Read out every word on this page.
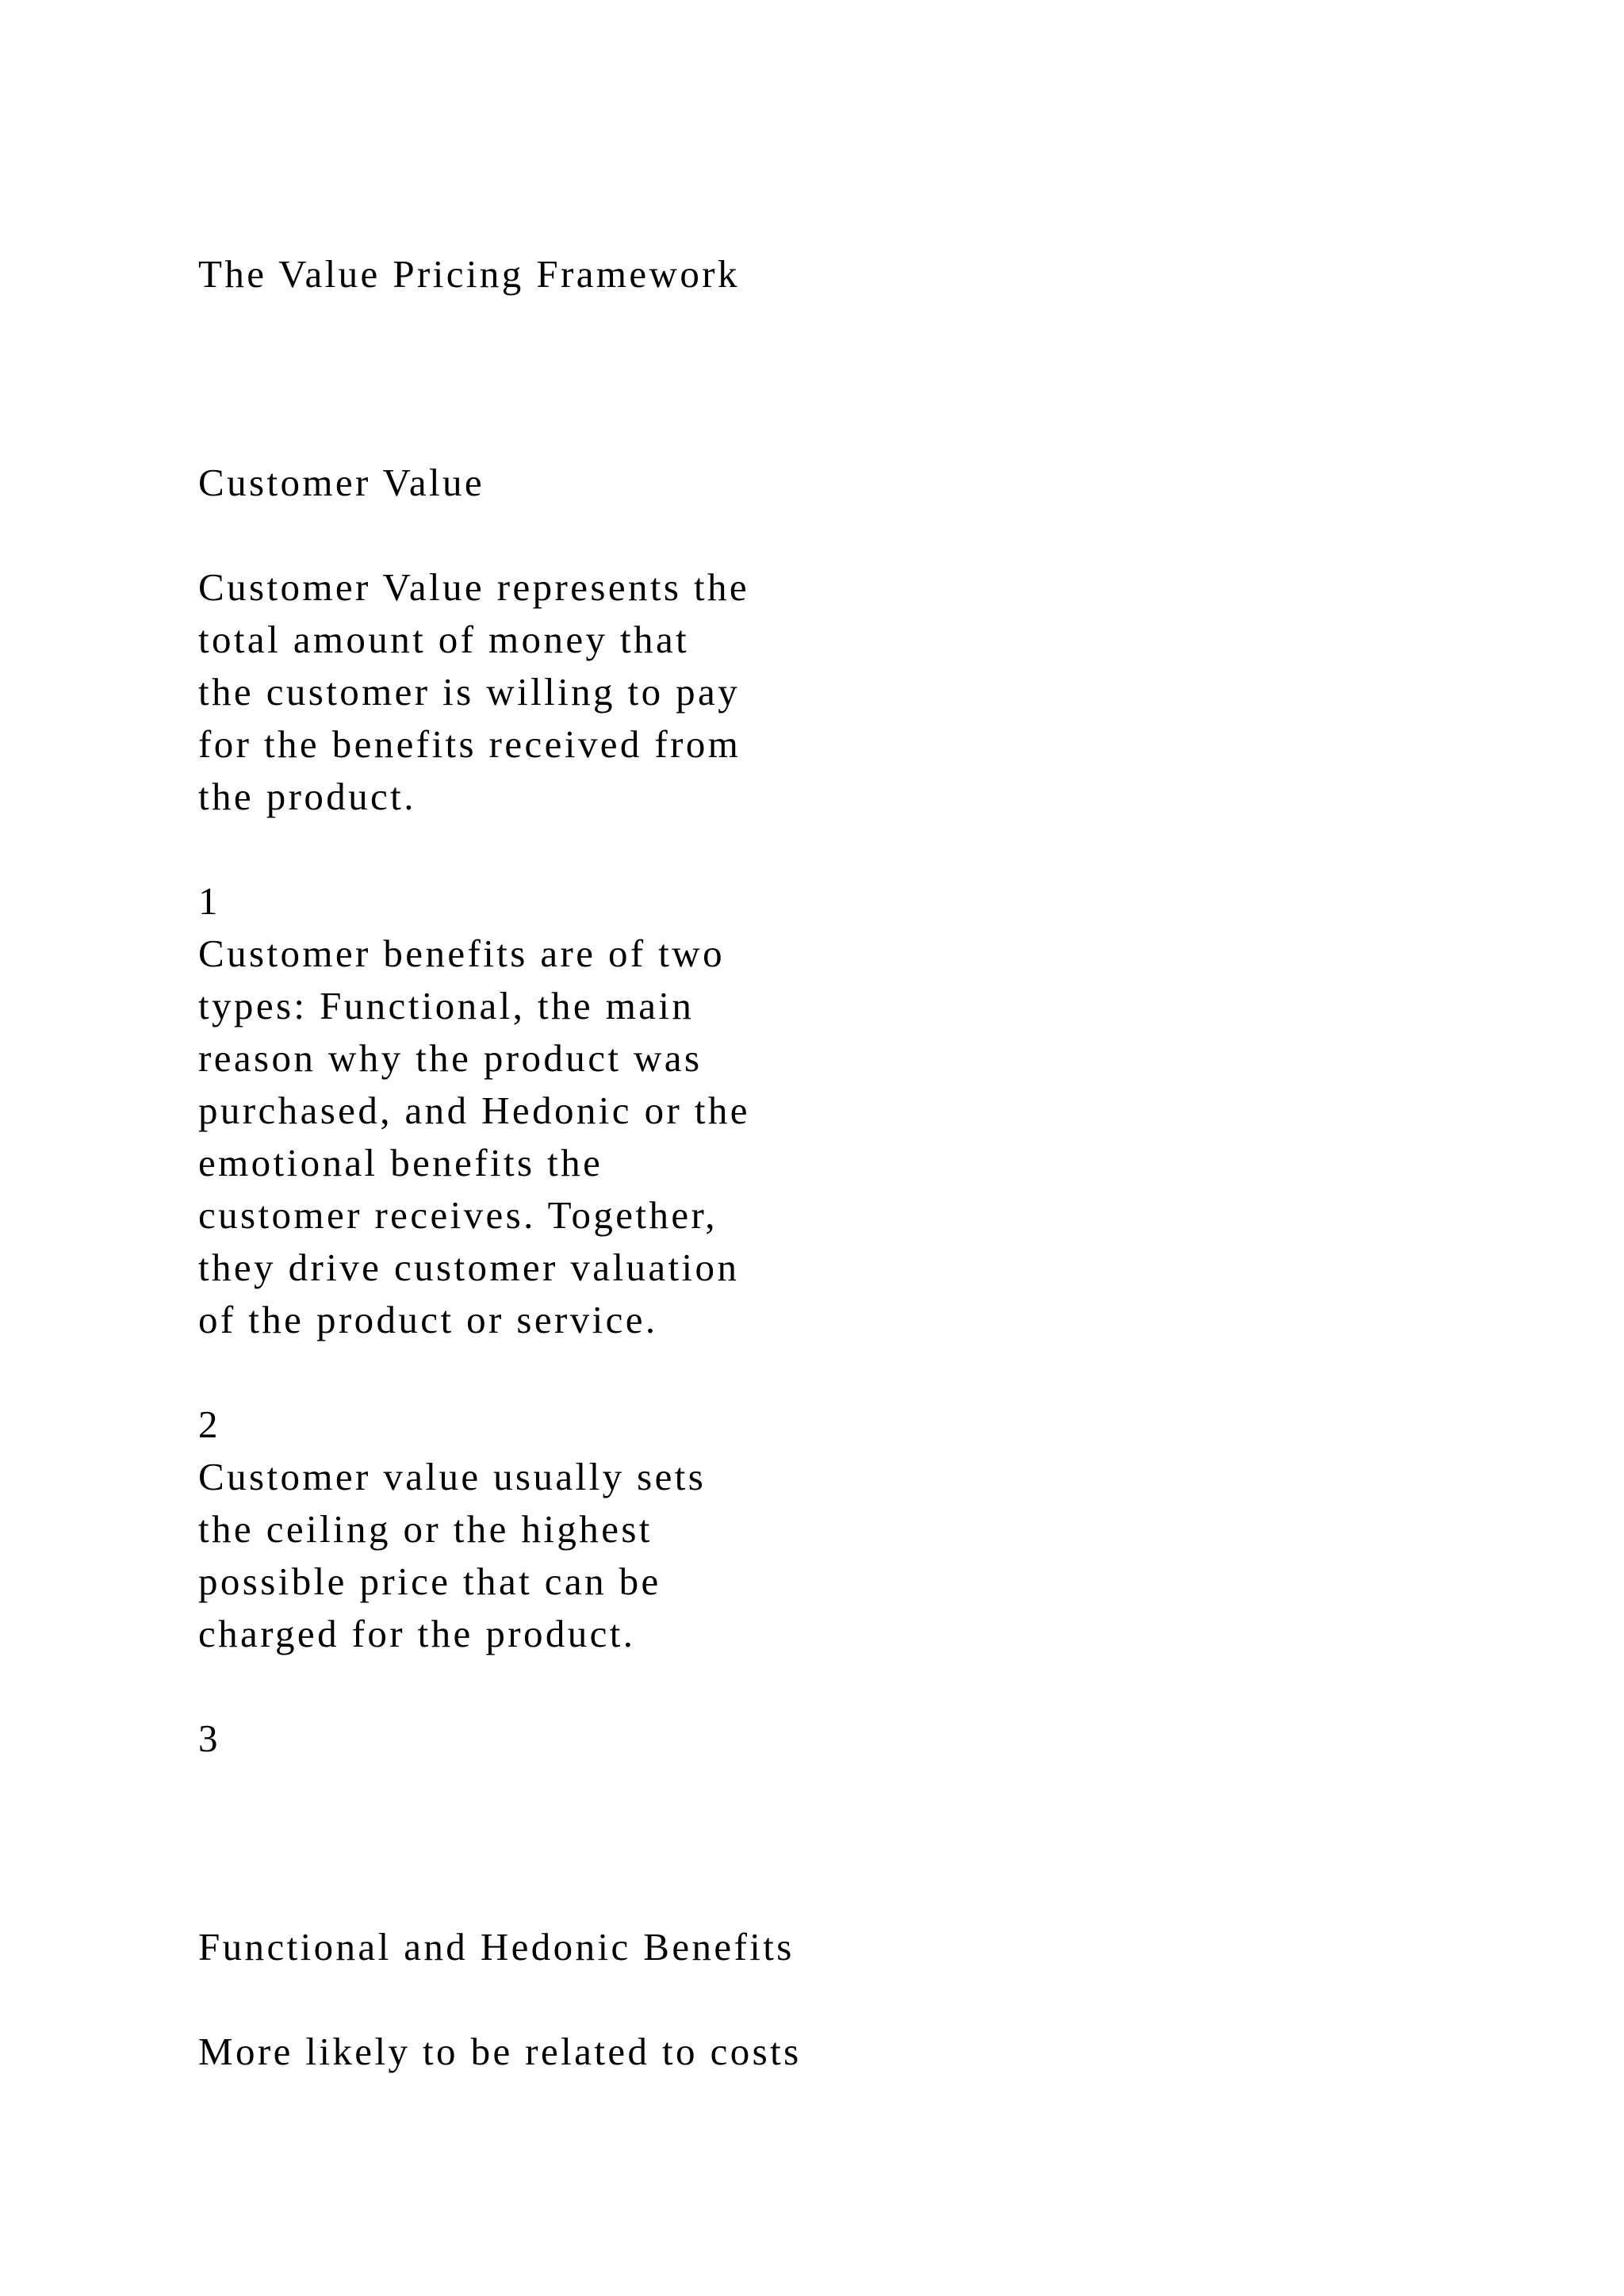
The Value Pricing Framework
Customer Value

Customer Value represents the

total amount of money that

the customer is willing to pay

for the benefits received from

the product.

1

Customer benefits are of two

types: Functional, the main

reason why the product was

purchased, and Hedonic or the

emotional benefits the

customer receives. Together,

they drive customer valuation

of the product or service.

2

Customer value usually sets

the ceiling or the highest

possible price that can be

charged for the product.

3

Functional and Hedonic Benefits

More likely to be related to costs
